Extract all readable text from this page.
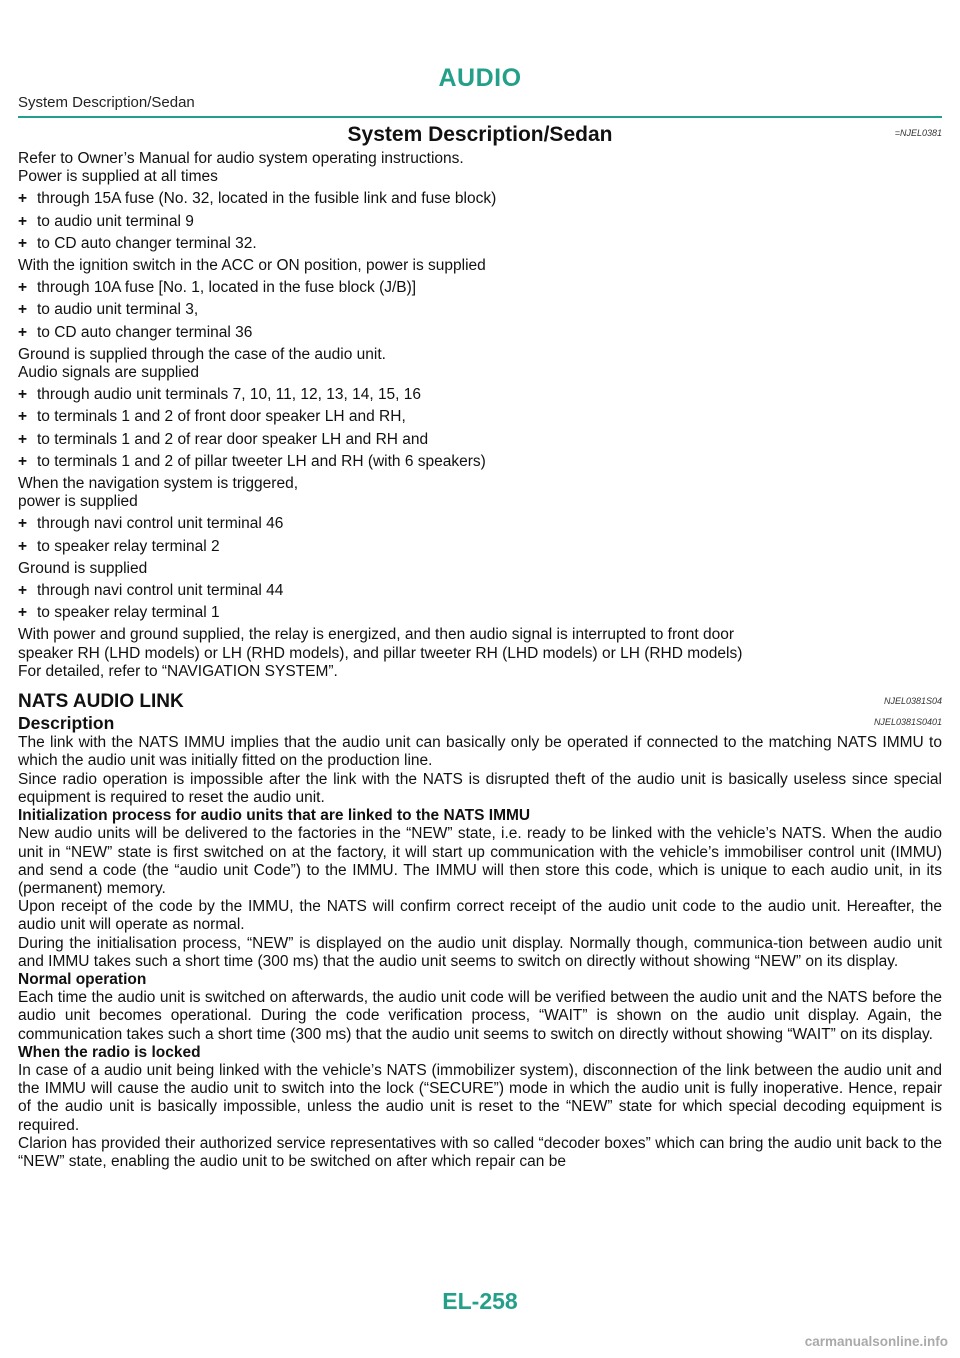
AUDIO
System Description/Sedan
System Description/Sedan	=NJEL0381

Refer to Owner’s Manual for audio system operating instructions.

Power is supplied at all times

+ through 15A fuse (No. 32, located in the fusible link and fuse block)
+ to audio unit terminal 9
+ to CD auto changer terminal 32.

With the ignition switch in the ACC or ON position, power is supplied

+ through 10A fuse [No. 1, located in the fuse block (J/B)]
+ to audio unit terminal 3,
+ to CD auto changer terminal 36

Ground is supplied through the case of the audio unit.

Audio signals are supplied

+ through audio unit terminals 7, 10, 11, 12, 13, 14, 15, 16
+ to terminals 1 and 2 of front door speaker LH and RH,
+ to terminals 1 and 2 of rear door speaker LH and RH and
+ to terminals 1 and 2 of pillar tweeter LH and RH (with 6 speakers)

When the navigation system is triggered,

power is supplied

+ through navi control unit terminal 46
+ to speaker relay terminal 2

Ground is supplied

+ through navi control unit terminal 44
+ to speaker relay terminal 1

With power and ground supplied, the relay is energized, and then audio signal is interrupted to front door

speaker RH (LHD models) or LH (RHD models), and pillar tweeter RH (LHD models) or LH (RHD models)

For detailed, refer to “NAVIGATION SYSTEM”.

NATS AUDIO LINK	NJEL0381S04
Description	NJEL0381S0401

The link with the NATS IMMU implies that the audio unit can basically only be operated if connected to the matching NATS IMMU to which the audio unit was initially fitted on the production line.

Since radio operation is impossible after the link with the NATS is disrupted theft of the audio unit is basically useless since special equipment is required to reset the audio unit.

Initialization process for audio units that are linked to the NATS IMMU

New audio units will be delivered to the factories in the “NEW” state, i.e. ready to be linked with the vehicle’s NATS. When the audio unit in “NEW” state is first switched on at the factory, it will start up communication with the vehicle’s immobiliser control unit (IMMU) and send a code (the “audio unit Code”) to the IMMU. The IMMU will then store this code, which is unique to each audio unit, in its (permanent) memory.

Upon receipt of the code by the IMMU, the NATS will confirm correct receipt of the audio unit code to the audio unit. Hereafter, the audio unit will operate as normal.

During the initialisation process, “NEW” is displayed on the audio unit display. Normally though, communica-tion between audio unit and IMMU takes such a short time (300 ms) that the audio unit seems to switch on directly without showing “NEW” on its display.

Normal operation

Each time the audio unit is switched on afterwards, the audio unit code will be verified between the audio unit and the NATS before the audio unit becomes operational. During the code verification process, “WAIT” is shown on the audio unit display. Again, the communication takes such a short time (300 ms) that the audio unit seems to switch on directly without showing “WAIT” on its display.

When the radio is locked

In case of a audio unit being linked with the vehicle’s NATS (immobilizer system), disconnection of the link between the audio unit and the IMMU will cause the audio unit to switch into the lock (“SECURE”) mode in which the audio unit is fully inoperative. Hence, repair of the audio unit is basically impossible, unless the audio unit is reset to the “NEW” state for which special decoding equipment is required.

Clarion has provided their authorized service representatives with so called “decoder boxes” which can bring the audio unit back to the “NEW” state, enabling the audio unit to be switched on after which repair can be

EL-258
carmanualsonline.info
